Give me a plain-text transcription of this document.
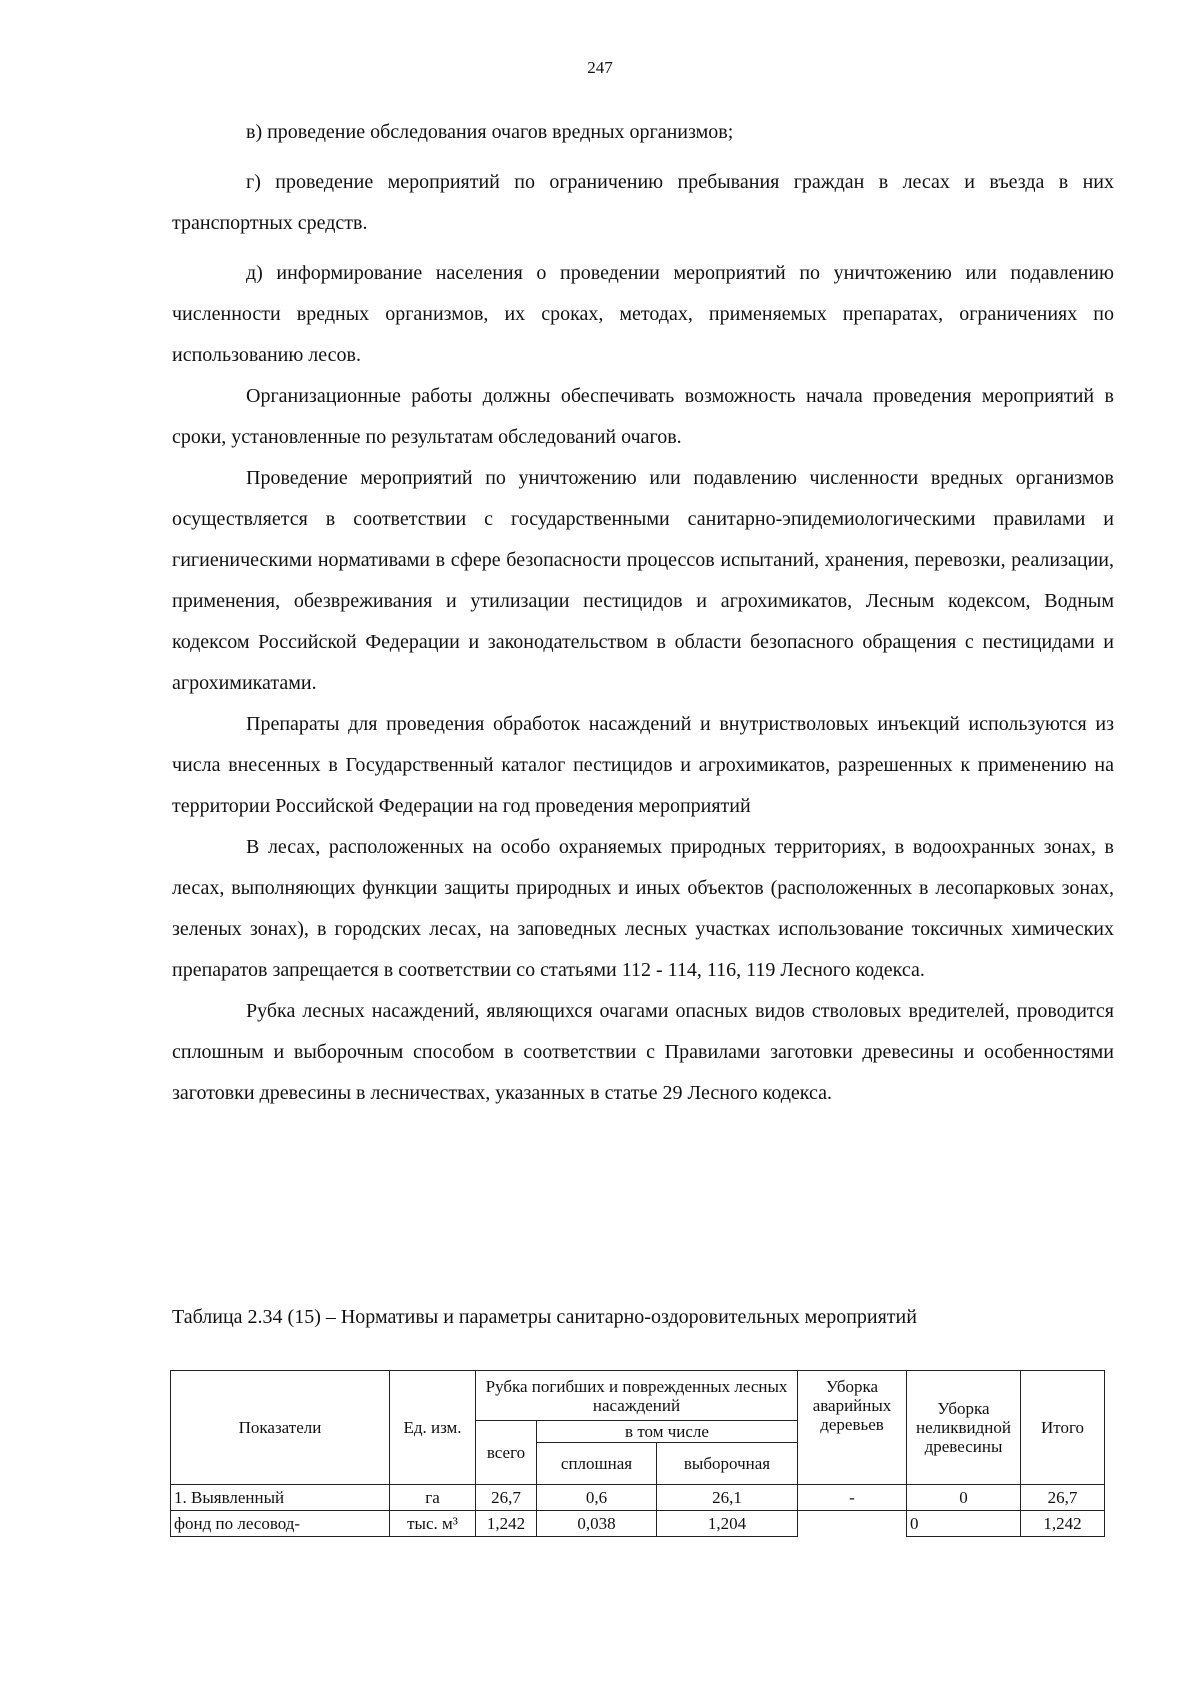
247

в) проведение обследования очагов вредных организмов;

г) проведение мероприятий по ограничению пребывания граждан в лесах и въезда в них транспортных средств.

д) информирование населения о проведении мероприятий по уничтожению или подавлению численности вредных организмов, их сроках, методах, применяемых препаратах, ограничениях по использованию лесов.

Организационные работы должны обеспечивать возможность начала проведения мероприятий в сроки, установленные по результатам обследований очагов.

Проведение мероприятий по уничтожению или подавлению численности вредных организмов осуществляется в соответствии с государственными санитарно-эпидемиологическими правилами и гигиеническими нормативами в сфере безопасности процессов испытаний, хранения, перевозки, реализации, применения, обезвреживания и утилизации пестицидов и агрохимикатов, Лесным кодексом, Водным кодексом Российской Федерации и законодательством в области безопасного обращения с пестицидами и агрохимикатами.

Препараты для проведения обработок насаждений и внутристволовых инъекций используются из числа внесенных в Государственный каталог пестицидов и агрохимикатов, разрешенных к применению на территории Российской Федерации на год проведения мероприятий

В лесах, расположенных на особо охраняемых природных территориях, в водоохранных зонах, в лесах, выполняющих функции защиты природных и иных объектов (расположенных в лесопарковых зонах, зеленых зонах), в городских лесах, на заповедных лесных участках использование токсичных химических препаратов запрещается в соответствии со статьями 112 - 114, 116, 119 Лесного кодекса.

Рубка лесных насаждений, являющихся очагами опасных видов стволовых вредителей, проводится сплошным и выборочным способом в соответствии с Правилами заготовки древесины и особенностями заготовки древесины в лесничествах, указанных в статье 29 Лесного кодекса.

Таблица 2.34 (15) – Нормативы и параметры санитарно-оздоровительных мероприятий
Показатели	Ед. изм.	Рубка погибших и поврежденных лесных насаждений			Уборка аварийных деревьев	Уборка неликвидной древесины	Итого
		всего	в том числе				
			сплошная	выборочная			
1. Выявленный	га	26,7	0,6	26,1	-	0	26,7
фонд по лесовод-	тыс. м³	1,242	0,038	1,204		0	1,242
